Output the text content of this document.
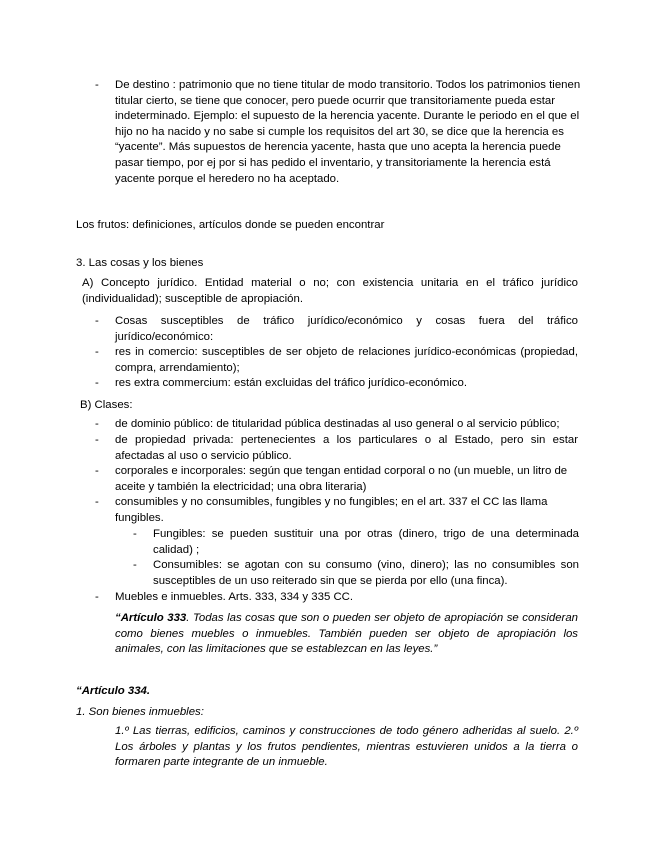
- De destino : patrimonio que no tiene titular de modo transitorio. Todos los patrimonios tienen titular cierto, se tiene que conocer, pero puede ocurrir que transitoriamente pueda estar indeterminado. Ejemplo: el supuesto de la herencia yacente. Durante le periodo en el que el hijo no ha nacido y no sabe si cumple los requisitos del art 30, se dice que la herencia es “yacente”. Más supuestos de herencia yacente, hasta que uno acepta la herencia puede pasar tiempo, por ej por si has pedido el inventario, y transitoriamente la herencia está yacente porque el heredero no ha aceptado.

Los frutos: definiciones, artículos donde se pueden encontrar

3. Las cosas y los bienes

A) Concepto jurídico. Entidad material o no; con existencia unitaria en el tráfico jurídico (individualidad); susceptible de apropiación.

- Cosas susceptibles de tráfico jurídico/económico y cosas fuera del tráfico jurídico/económico:

- res in comercio: susceptibles de ser objeto de relaciones jurídico-económicas (propiedad, compra, arrendamiento);

- res extra commercium: están excluidas del tráfico jurídico-económico.

B) Clases:

- de dominio público: de titularidad pública destinadas al uso general o al servicio público;

- de propiedad privada: pertenecientes a los particulares o al Estado, pero sin estar afectadas al uso o servicio público.

- corporales e incorporales: según que tengan entidad corporal o no (un mueble, un litro de aceite y también la electricidad; una obra literaria)

- consumibles y no consumibles, fungibles y no fungibles; en el art. 337 el CC las llama fungibles.

- Fungibles: se pueden sustituir una por otras (dinero, trigo de una determinada calidad) ;

- Consumibles: se agotan con su consumo (vino, dinero); las no consumibles son susceptibles de un uso reiterado sin que se pierda por ello (una finca).

- Muebles e inmuebles. Arts. 333, 334 y 335 CC.

“Artículo 333. Todas las cosas que son o pueden ser objeto de apropiación se consideran como bienes muebles o inmuebles. También pueden ser objeto de apropiación los animales, con las limitaciones que se establezcan en las leyes.”

“Artículo 334.

1. Son bienes inmuebles:

1.º Las tierras, edificios, caminos y construcciones de todo género adheridas al suelo. 2.º Los árboles y plantas y los frutos pendientes, mientras estuvieren unidos a la tierra o formaren parte integrante de un inmueble.
